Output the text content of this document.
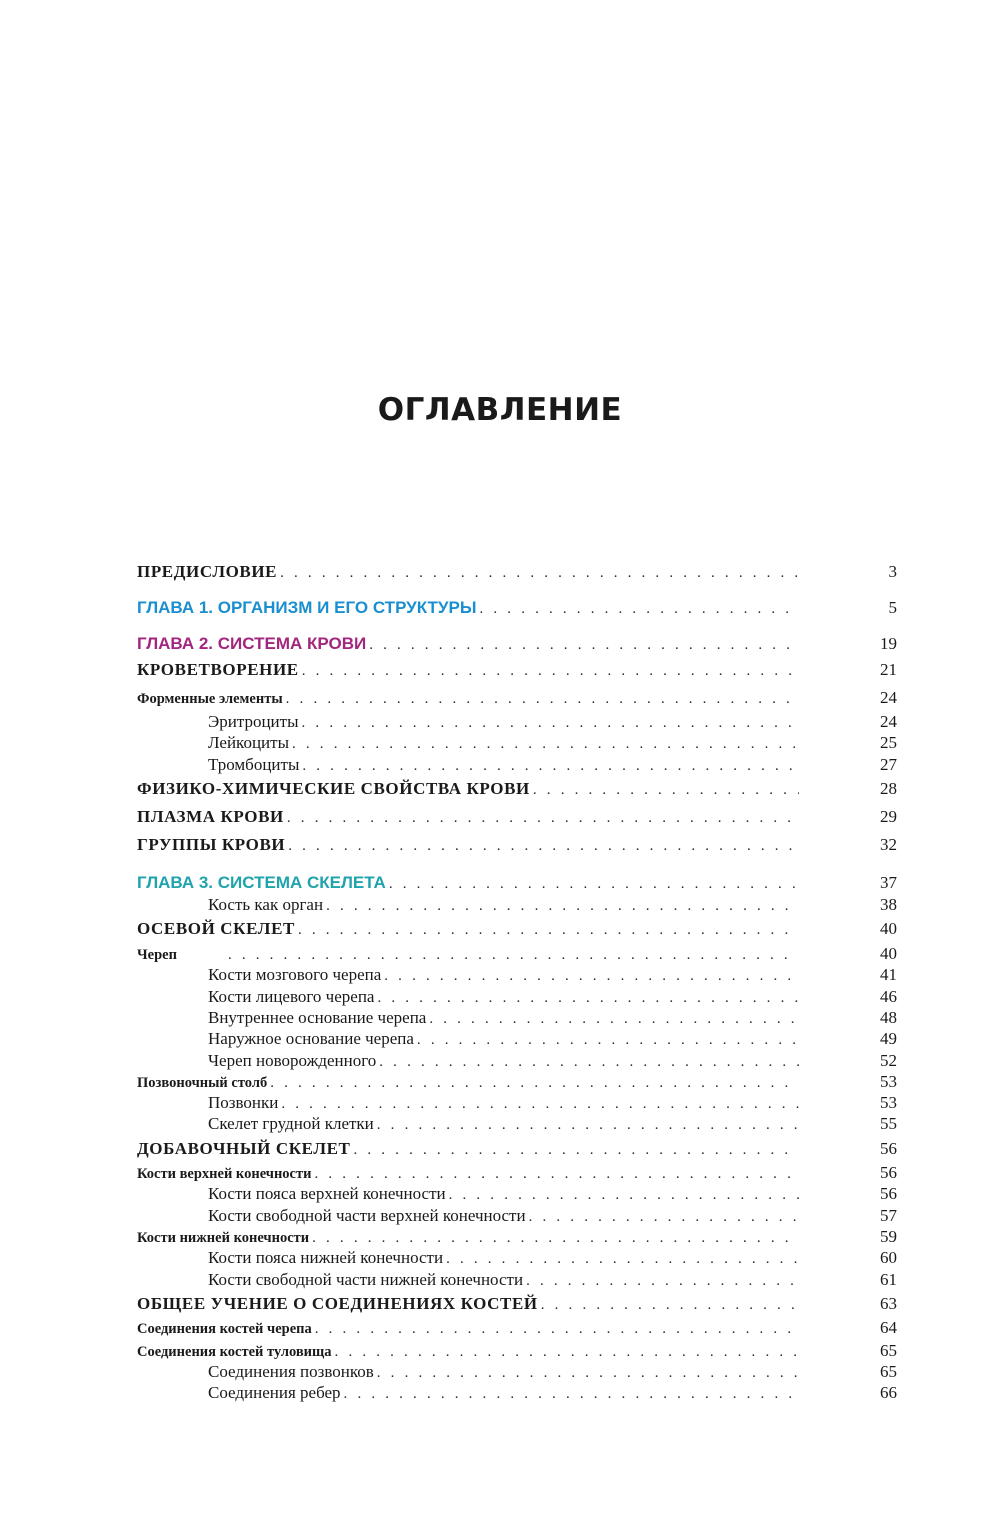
ОГЛАВЛЕНИЕ
ПРЕДИСЛОВИЕ . . .	3
ГЛАВА 1. ОРГАНИЗМ И ЕГО СТРУКТУРЫ . . .	5
ГЛАВА 2. СИСТЕМА КРОВИ . . .	19
КРОВЕТВОРЕНИЕ . . .	21
Форменные элементы . . .	24
Эритроциты . . .	24
Лейкоциты . . .	25
Тромбоциты . . .	27
ФИЗИКО-ХИМИЧЕСКИЕ СВОЙСТВА КРОВИ . . .	28
ПЛАЗМА КРОВИ . . .	29
ГРУППЫ КРОВИ . . .	32
ГЛАВА 3. СИСТЕМА СКЕЛЕТА . . .	37
Кость как орган . . .	38
ОСЕВОЙ СКЕЛЕТ . . .	40
Череп . . .	40
Кости мозгового черепа . . .	41
Кости лицевого черепа . . .	46
Внутреннее основание черепа . . .	48
Наружное основание черепа . . .	49
Череп новорожденного . . .	52
Позвоночный столб . . .	53
Позвонки . . .	53
Скелет грудной клетки . . .	55
ДОБАВОЧНЫЙ СКЕЛЕТ . . .	56
Кости верхней конечности . . .	56
Кости пояса верхней конечности . . .	56
Кости свободной части верхней конечности . . .	57
Кости нижней конечности . . .	59
Кости пояса нижней конечности . . .	60
Кости свободной части нижней конечности . . .	61
ОБЩЕЕ УЧЕНИЕ О СОЕДИНЕНИЯХ КОСТЕЙ . . .	63
Соединения костей черепа . . .	64
Соединения костей туловища . . .	65
Соединения позвонков . . .	65
Соединения ребер . . .	66
